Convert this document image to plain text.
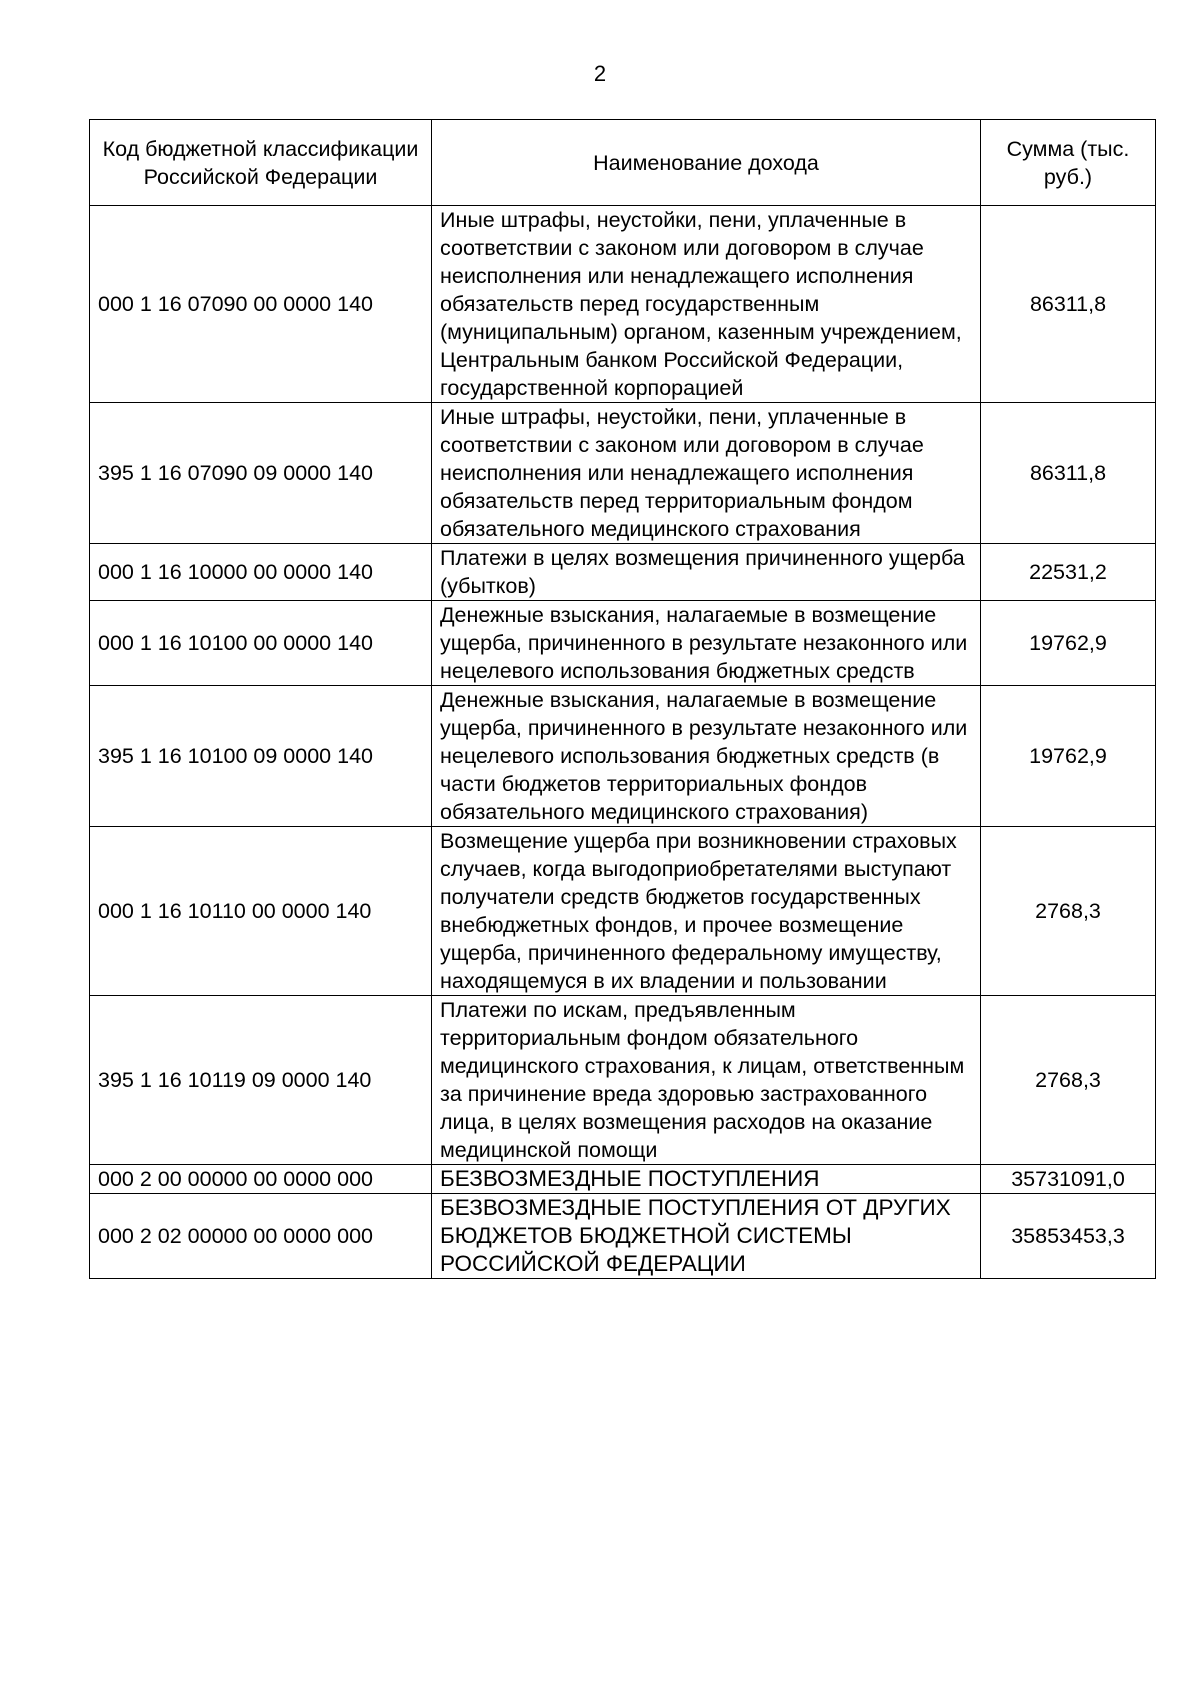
2
Код бюджетной классификации Российской Федерации	Наименование дохода	Сумма (тыс. руб.)
000 1 16 07090 00 0000 140	Иные штрафы, неустойки, пени, уплаченные в соответствии с законом или договором в случае неисполнения или ненадлежащего исполнения обязательств перед государственным (муниципальным) органом, казенным учреждением, Центральным банком Российской Федерации, государственной корпорацией	86311,8
395 1 16 07090 09 0000 140	Иные штрафы, неустойки, пени, уплаченные в соответствии с законом или договором в случае неисполнения или ненадлежащего исполнения обязательств перед территориальным фондом обязательного медицинского страхования	86311,8
000 1 16 10000 00 0000 140	Платежи в целях возмещения причиненного ущерба (убытков)	22531,2
000 1 16 10100 00 0000 140	Денежные взыскания, налагаемые в возмещение ущерба, причиненного в результате незаконного или нецелевого использования бюджетных средств	19762,9
395 1 16 10100 09 0000 140	Денежные взыскания, налагаемые в возмещение ущерба, причиненного в результате незаконного или нецелевого использования бюджетных средств (в части бюджетов территориальных фондов обязательного медицинского страхования)	19762,9
000 1 16 10110 00 0000 140	Возмещение ущерба при возникновении страховых случаев, когда выгодоприобретателями выступают получатели средств бюджетов государственных внебюджетных фондов, и прочее возмещение ущерба, причиненного федеральному имуществу, находящемуся в их владении и пользовании	2768,3
395 1 16 10119 09 0000 140	Платежи по искам, предъявленным территориальным фондом обязательного медицинского страхования, к лицам, ответственным за причинение вреда здоровью застрахованного лица, в целях возмещения расходов на оказание медицинской помощи	2768,3
000 2 00 00000 00 0000 000	БЕЗВОЗМЕЗДНЫЕ ПОСТУПЛЕНИЯ	35731091,0
000 2 02 00000 00 0000 000	БЕЗВОЗМЕЗДНЫЕ ПОСТУПЛЕНИЯ ОТ ДРУГИХ БЮДЖЕТОВ БЮДЖЕТНОЙ СИСТЕМЫ РОССИЙСКОЙ ФЕДЕРАЦИИ	35853453,3
